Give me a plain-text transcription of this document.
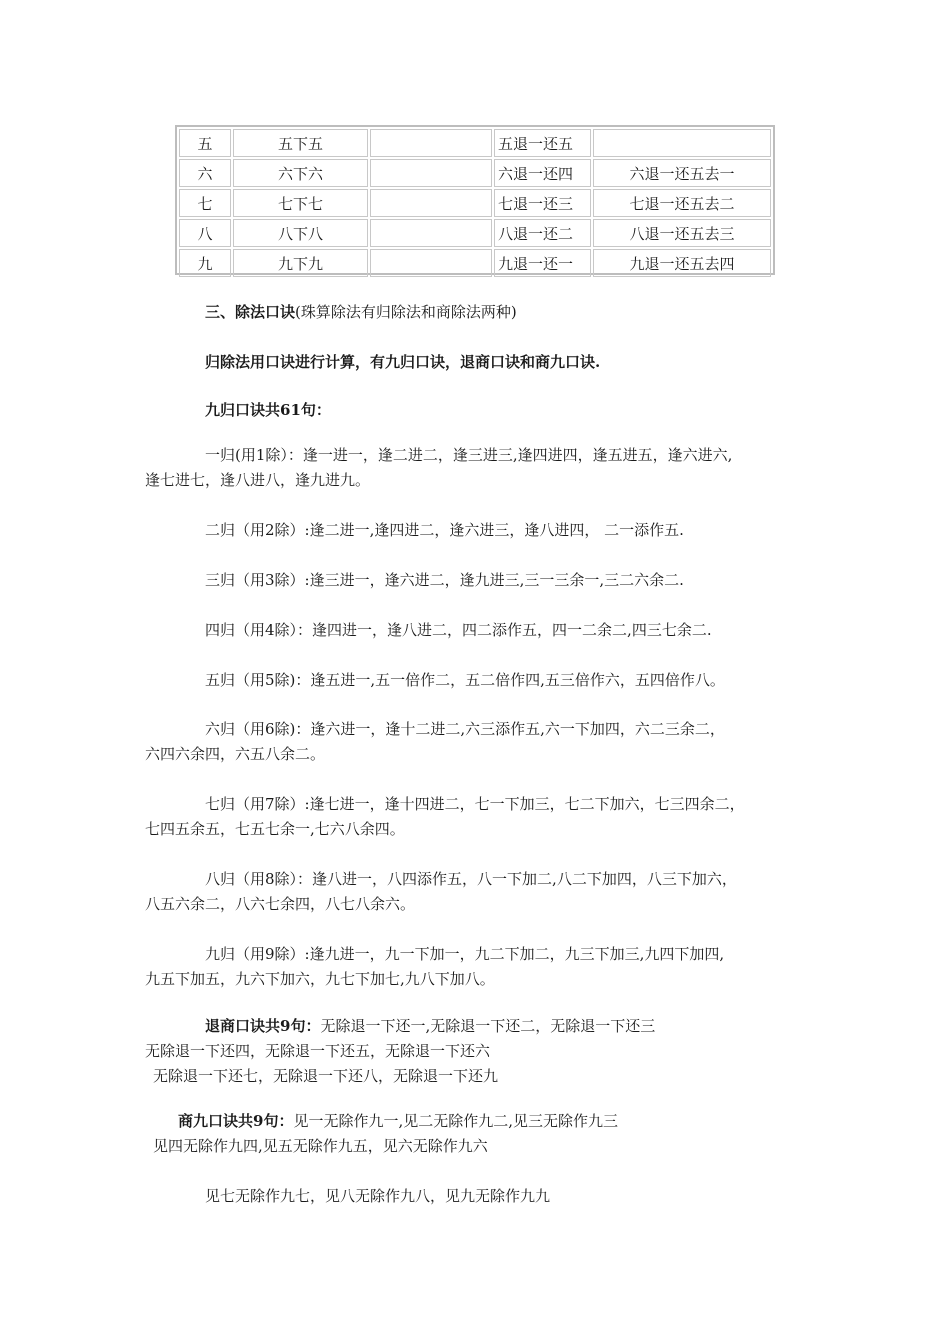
五	五下五		五退一还五	
六	六下六		六退一还四	六退一还五去一
七	七下七		七退一还三	七退一还五去二
八	八下八		八退一还二	八退一还五去三
九	九下九		九退一还一	九退一还五去四
三、除法口诀(珠算除法有归除法和商除法两种)
归除法用口诀进行计算，有九归口诀，退商口诀和商九口诀.
九归口诀共61句：
一归(用1除）：逢一进一，逢二进二，逢三进三,逢四进四，逢五进五，逢六进六,
逢七进七，逢八进八，逢九进九。
二归（用2除）:逢二进一,逢四进二，逢六进三，逢八进四， 二一添作五.
三归（用3除）:逢三进一，逢六进二，逢九进三,三一三余一,三二六余二.
四归（用4除）：逢四进一，逢八进二，四二添作五，四一二余二,四三七余二.
五归（用5除)：逢五进一,五一倍作二，五二倍作四,五三倍作六，五四倍作八。
六归（用6除)：逢六进一，逢十二进二,六三添作五,六一下加四，六二三余二，
六四六余四，六五八余二。
七归（用7除）:逢七进一，逢十四进二，七一下加三，七二下加六，七三四余二，
七四五余五，七五七余一,七六八余四。
八归（用8除）：逢八进一，八四添作五，八一下加二,八二下加四，八三下加六，
八五六余二，八六七余四，八七八余六。
九归（用9除）:逢九进一，九一下加一，九二下加二，九三下加三,九四下加四,
九五下加五，九六下加六，九七下加七,九八下加八。
退商口诀共9句：无除退一下还一,无除退一下还二，无除退一下还三
无除退一下还四，无除退一下还五，无除退一下还六
无除退一下还七，无除退一下还八，无除退一下还九
商九口诀共9句：见一无除作九一,见二无除作九二,见三无除作九三
见四无除作九四,见五无除作九五，见六无除作九六
见七无除作九七，见八无除作九八，见九无除作九九
